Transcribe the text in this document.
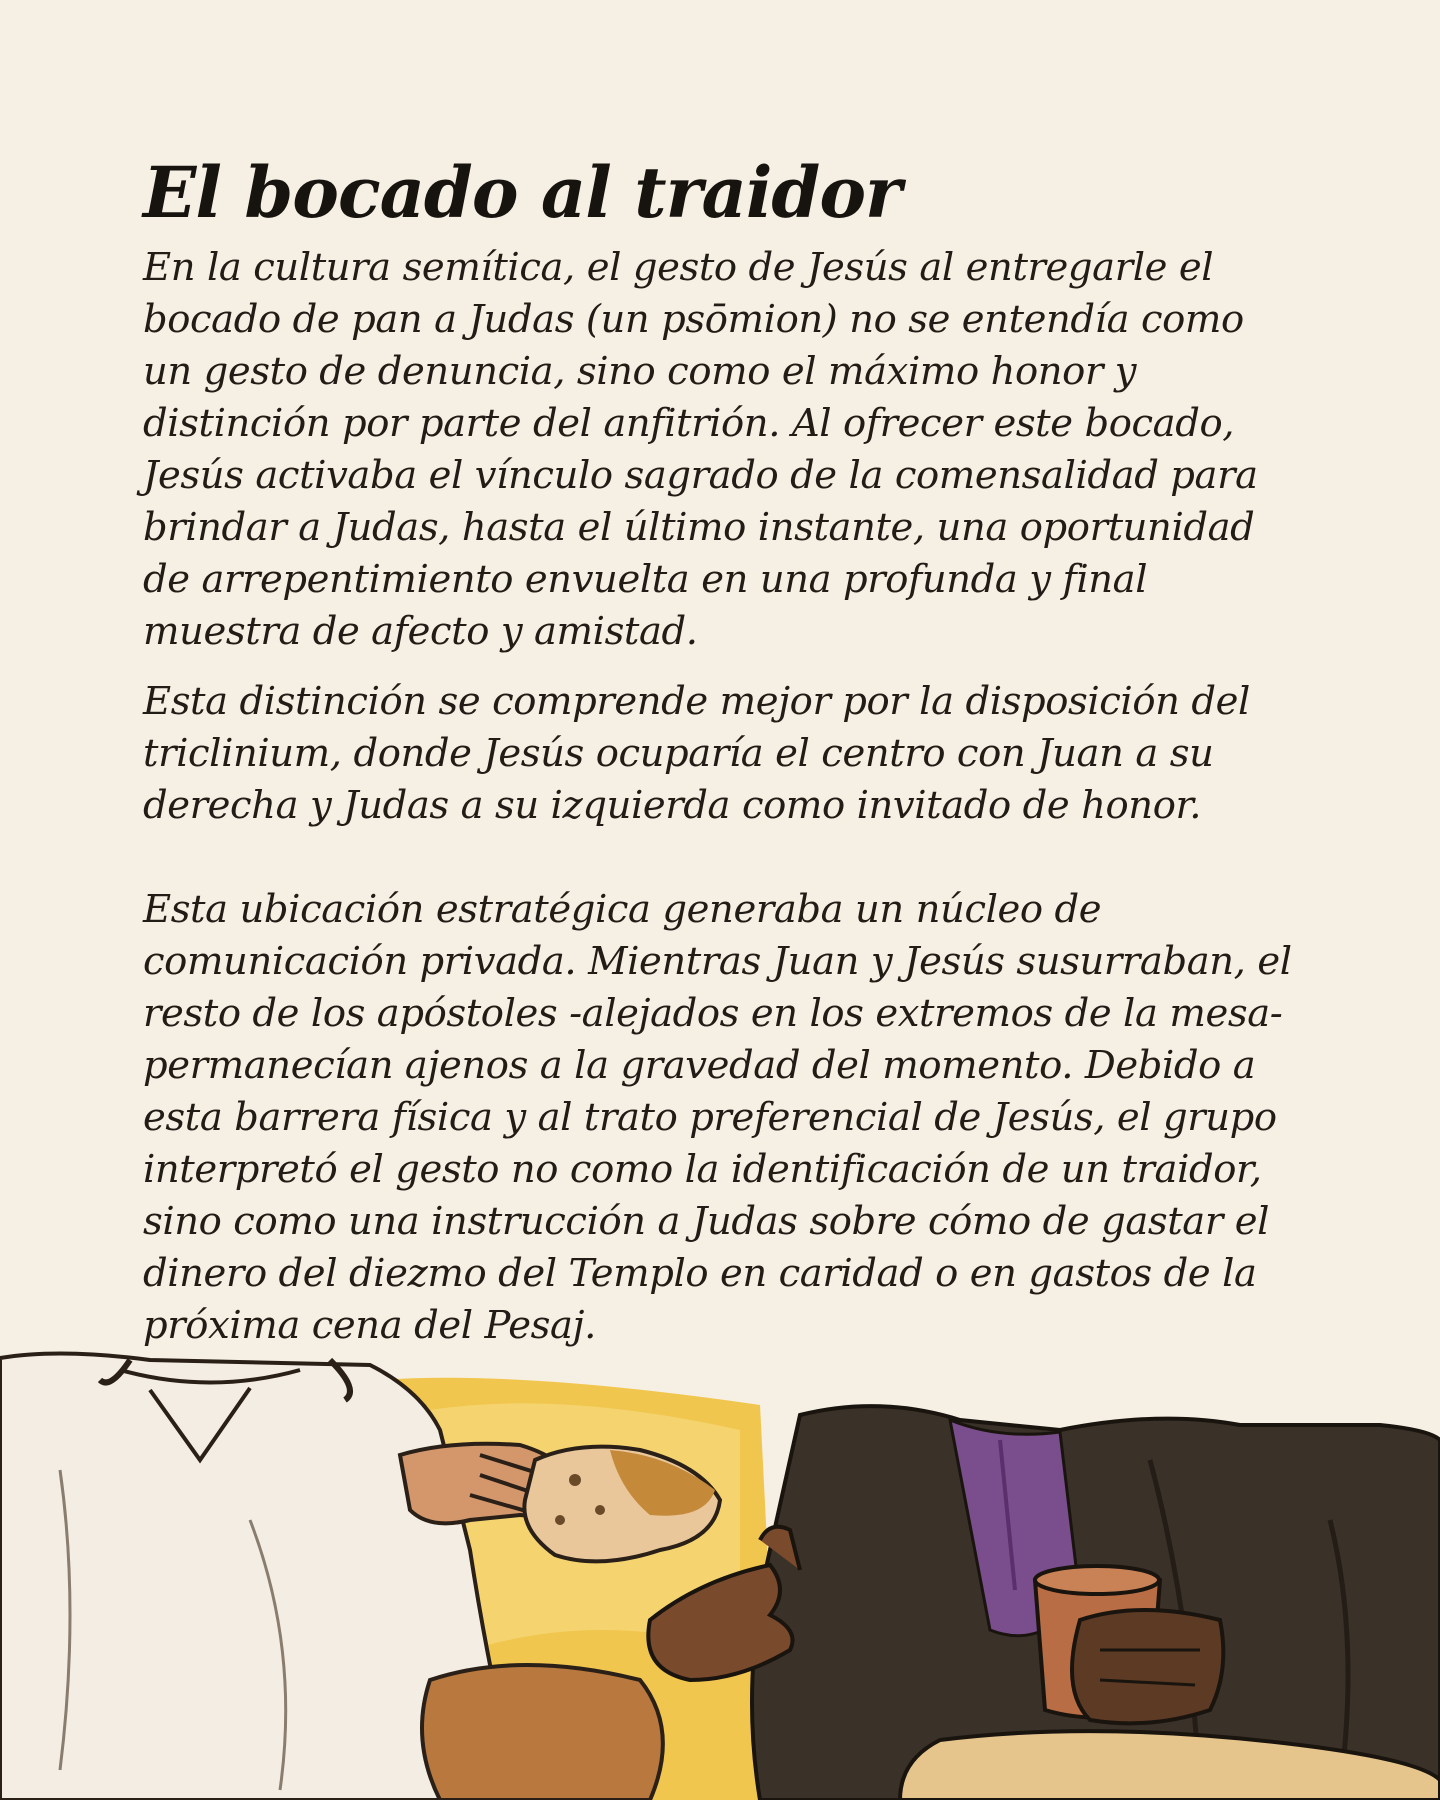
El bocado al traidor

En la cultura semítica, el gesto de Jesús al entregarle el bocado de pan a Judas (un psōmion) no se entendía como un gesto de denuncia, sino como el máximo honor y distinción por parte del anfitrión. Al ofrecer este bocado, Jesús activaba el vínculo sagrado de la comensalidad para brindar a Judas, hasta el último instante, una oportunidad de arrepentimiento envuelta en una profunda y final muestra de afecto y amistad.

Esta distinción se comprende mejor por la disposición del triclinium, donde Jesús ocuparía el centro con Juan a su derecha y Judas a su izquierda como invitado de honor.

Esta ubicación estratégica generaba un núcleo de comunicación privada. Mientras Juan y Jesús susurraban, el resto de los apóstoles -alejados en los extremos de la mesa- permanecían ajenos a la gravedad del momento. Debido a esta barrera física y al trato preferencial de Jesús, el grupo interpretó el gesto no como la identificación de un traidor, sino como una instrucción a Judas sobre cómo de gastar el dinero del diezmo del Templo en caridad o en gastos de la próxima cena del Pesaj.
